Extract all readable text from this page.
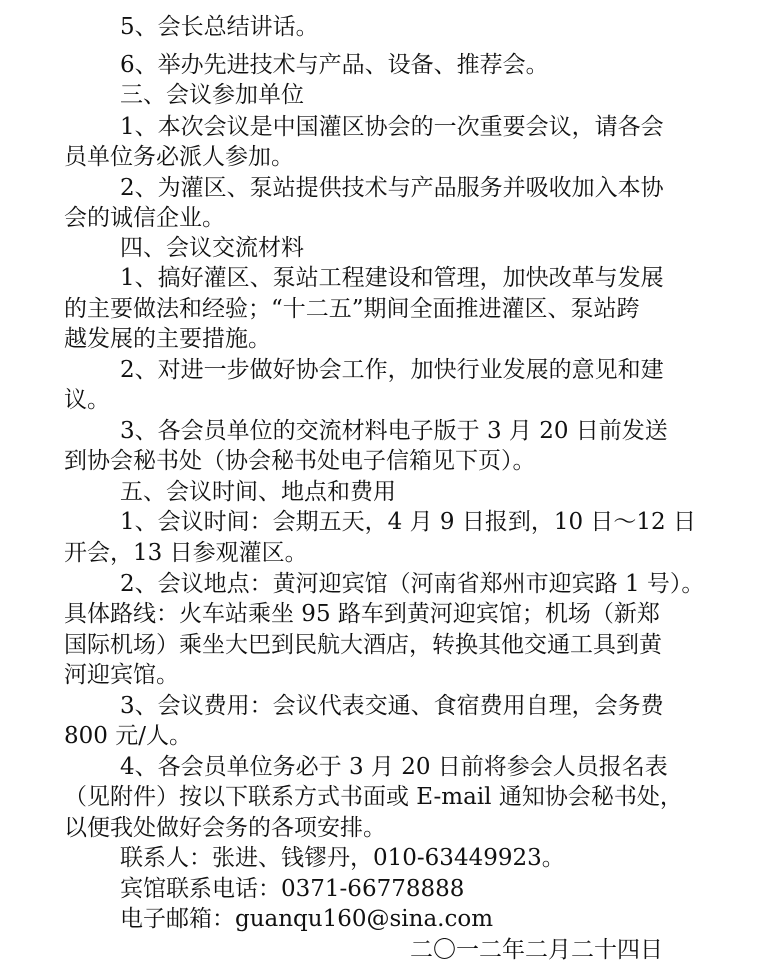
5、会长总结讲话。
6、举办先进技术与产品、设备、推荐会。
三、会议参加单位
1、本次会议是中国灌区协会的一次重要会议，请各会
员单位务必派人参加。
2、为灌区、泵站提供技术与产品服务并吸收加入本协
会的诚信企业。
四、会议交流材料
1、搞好灌区、泵站工程建设和管理，加快改革与发展
的主要做法和经验；“十二五”期间全面推进灌区、泵站跨
越发展的主要措施。
2、对进一步做好协会工作，加快行业发展的意见和建
议。
3、各会员单位的交流材料电子版于 3 月 20 日前发送
到协会秘书处（协会秘书处电子信箱见下页）。
五、会议时间、地点和费用
1、会议时间：会期五天，4 月 9 日报到，10 日～12 日
开会，13 日参观灌区。
2、会议地点：黄河迎宾馆（河南省郑州市迎宾路 1 号）。
具体路线：火车站乘坐 95 路车到黄河迎宾馆；机场（新郑
国际机场）乘坐大巴到民航大酒店，转换其他交通工具到黄
河迎宾馆。
3、会议费用：会议代表交通、食宿费用自理，会务费
800 元/人。
4、各会员单位务必于 3 月 20 日前将参会人员报名表
（见附件）按以下联系方式书面或 E-mail 通知协会秘书处，
以便我处做好会务的各项安排。
联系人：张进、钱镠丹，010-63449923。
宾馆联系电话：0371-66778888
电子邮箱：guanqu160@sina.com
二〇一二年二月二十四日
